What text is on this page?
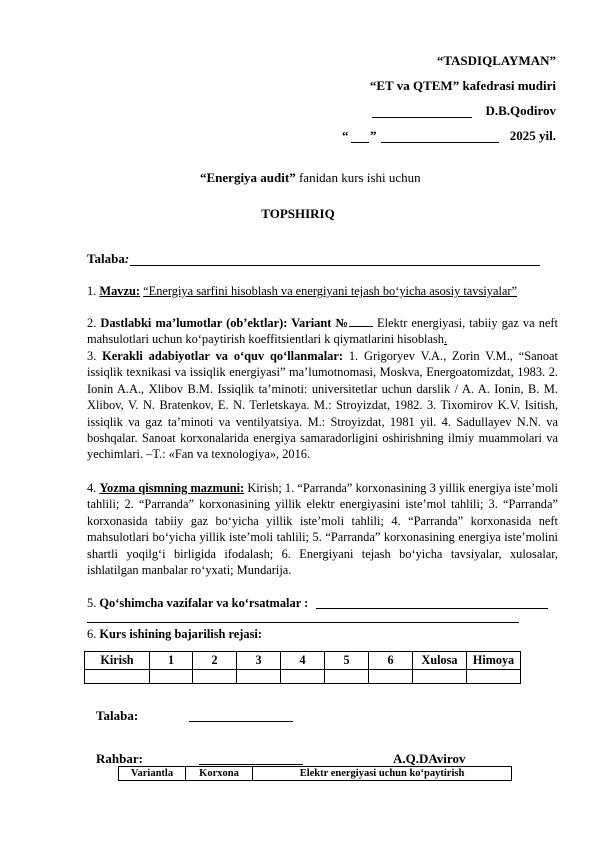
“TASDIQLAYMAN”
“ET va QTEM” kafedrasi mudiri
D.B.Qodirov
“ ”	2025 yil.
“Energiya audit” fanidan kurs ishi uchun
TOPSHIRIQ
Talaba:
1. Mavzu: “Energiya sarfini hisoblash va energiyani tejash bo‘yicha asosiy tavsiyalar”
2. Dastlabki ma’lumotlar (ob’ektlar): Variant № Elektr energiyasi, tabiiy gaz va neft mahsulotlari uchun ko‘paytirish koeffitsientlari k qiymatlarini hisoblash.
3. Kerakli adabiyotlar va o‘quv qo‘llanmalar: 1. Grigoryev V.A., Zorin V.M., “Sanoat issiqlik texnikasi va issiqlik energiyasi” ma’lumotnomasi, Moskva, Energoatomizdat, 1983. 2. Ionin A.A., Xlibov B.M. Issiqlik ta’minoti: universitetlar uchun darslik / A. A. Ionin, B. M. Xlibov, V. N. Bratenkov, E. N. Terletskaya. M.: Stroyizdat, 1982. 3. Tixomirov K.V. Isitish, issiqlik va gaz ta’minoti va ventilyatsiya. M.: Stroyizdat, 1981 yil. 4. Sadullayev N.N. va boshqalar. Sanoat korxonalarida energiya samaradorligini oshirishning ilmiy muammolari va yechimlari. –T.: «Fan va texnologiya», 2016.
4. Yozma qismning mazmuni: Kirish; 1. “Parranda” korxonasining 3 yillik energiya iste’moli tahlili; 2. “Parranda” korxonasining yillik elektr energiyasini iste’mol tahlili; 3. “Parranda” korxonasida tabiiy gaz bo‘yicha yillik iste’moli tahlili; 4. “Parranda” korxonasida neft mahsulotlari bo‘yicha yillik iste’moli tahlili; 5. “Parranda” korxonasining energiya iste’molini shartli yoqilg‘i birligida ifodalash; 6. Energiyani tejash bo‘yicha tavsiyalar, xulosalar, ishlatilgan manbalar ro‘yxati; Mundarija.
5. Qo‘shimcha vazifalar va ko‘rsatmalar :
6. Kurs ishining bajarilish rejasi:
Kirish	1	2	3	4	5	6	Xulosa	Himoya

Talaba:
Rahbar:	A.Q.DAvirov
Variantla	Korxona	Elektr energiyasi uchun ko‘paytirish
